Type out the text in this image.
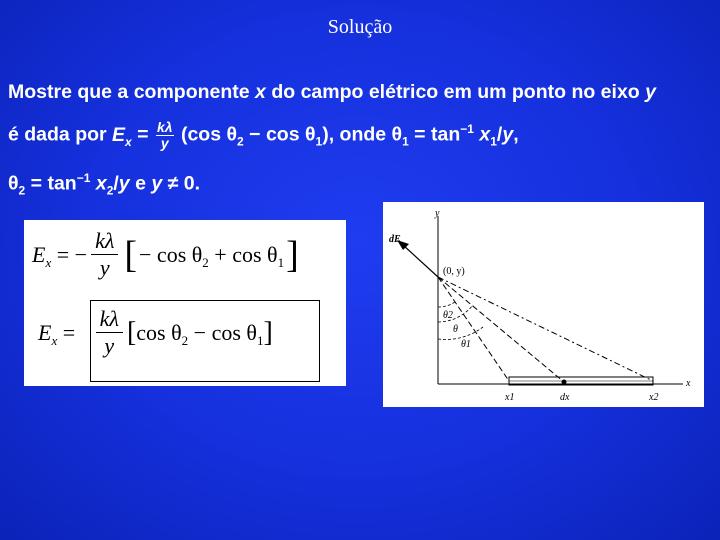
Solução
Mostre que a componente x do campo elétrico em um ponto no eixo y
é dada por $E_x = \frac{k\lambda}{y} (\cos$ $\theta_2 - \cos \theta_1$), onde $\theta_1 = \tan^{-1} x_1/y$,
$\theta_2 = \tan^{-1} x_2/y$ e y ≠ 0.
E x = − $\frac{k\lambda}{y}$ [ − cos θ 2 + cos θ 1 ]
E $x = \frac{k\lambda}{y}$ [ cos θ 2 − cos θ 1 ]
y
x
dE
(0, y)
θ2
θ
θ1
x1	dx	x2
